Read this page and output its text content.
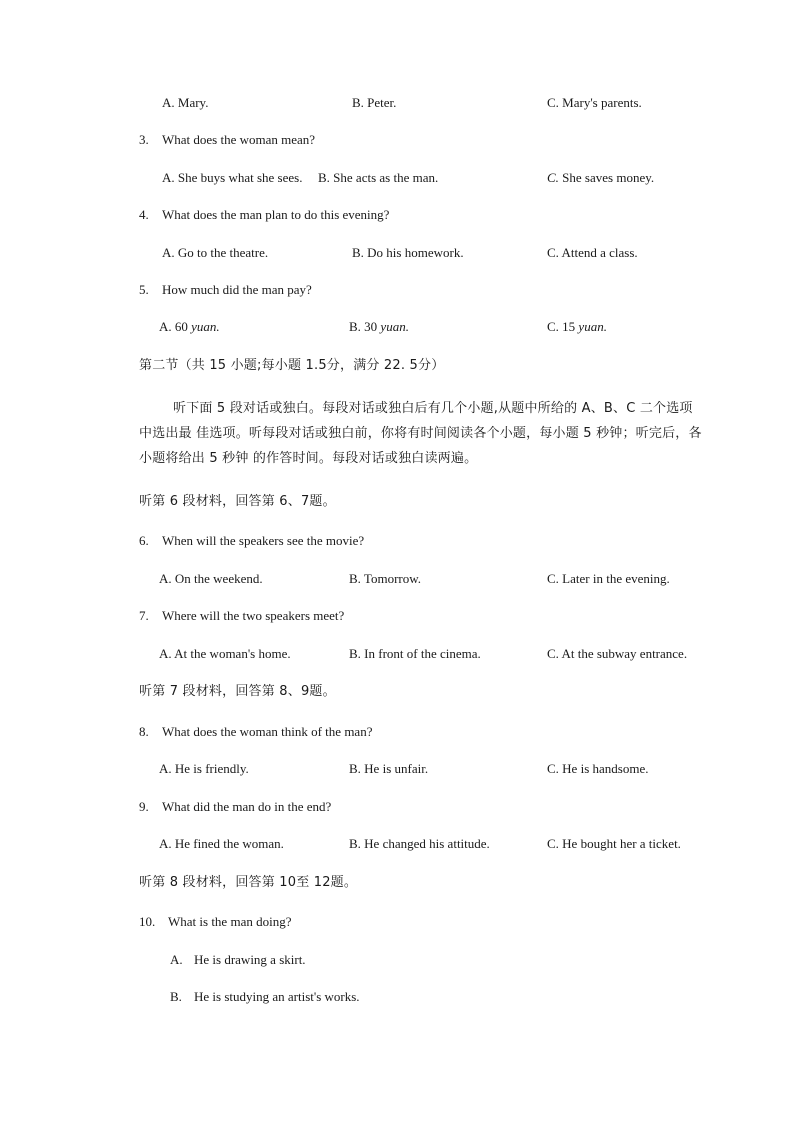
A. Mary.	B. Peter.	C. Mary's parents.
3. What does the woman mean?
A. She buys what she sees. B. She acts as the man.	C. She saves money.
4. What does the man plan to do this evening?
A. Go to the theatre.	B. Do his homework.	C. Attend a class.
5. How much did the man pay?
A. 60 yuan.	B. 30 yuan.	C. 15 yuan.
第二节（共 15 小题;每小题 1.5分，满分 22. 5分）
听下面 5 段对话或独白。每段对话或独白后有几个小题,从题中所给的 A、B、C 二个选项中选出最 佳选项。听每段对话或独白前，你将有时间阅读各个小题，每小题 5 秒钟；听完后，各小题将给出 5 秒钟 的作答时间。每段对话或独白读两遍。
听第 6 段材料，回答第 6、7题。
6. When will the speakers see the movie?
A. On the weekend.	B. Tomorrow.	C. Later in the evening.
7. Where will the two speakers meet?
A. At the woman's home.	B. In front of the cinema.	C. At the subway entrance.
听第 7 段材料，回答第 8、9题。
8. What does the woman think of the man?
A. He is friendly.	B. He is unfair.	C. He is handsome.
9. What did the man do in the end?
A. He fined the woman.	B. He changed his attitude.	C. He bought her a ticket.
听第 8 段材料，回答第 10至 12题。
10. What is the man doing?
A. He is drawing a skirt.
B. He is studying an artist's works.
